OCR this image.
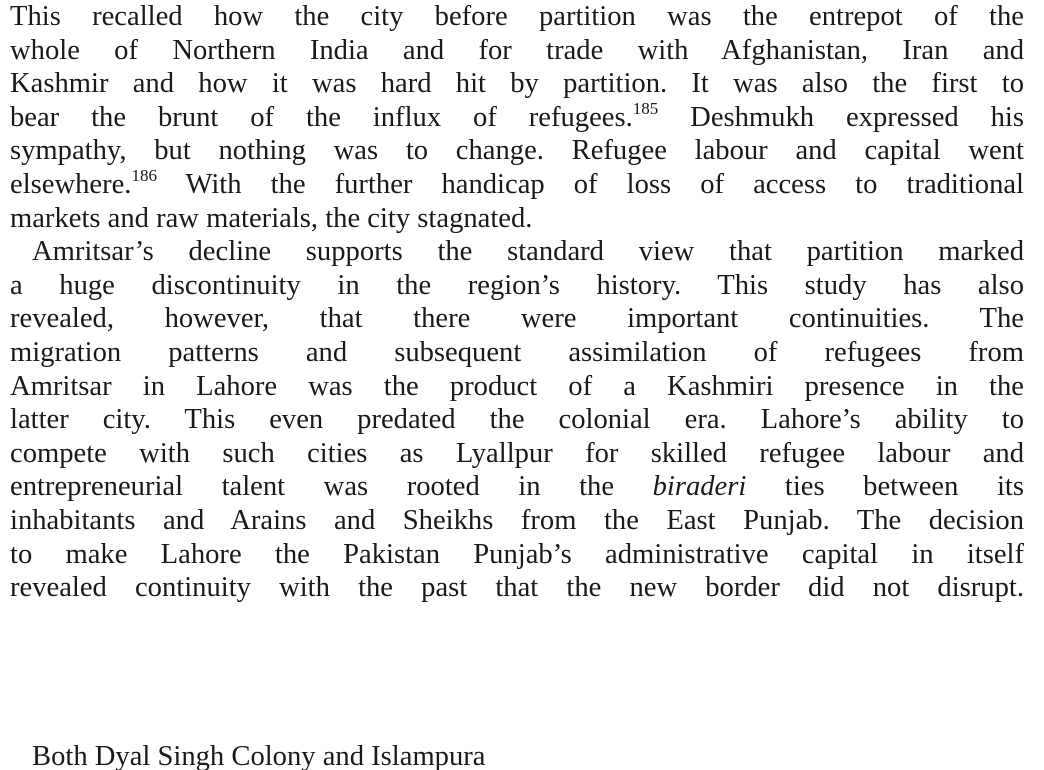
This recalled how the city before partition was the entrepot of the
whole of Northern India and for trade with Afghanistan, Iran and
Kashmir and how it was hard hit by partition. It was also the first to
bear the brunt of the influx of refugees.$^{185}$ Deshmukh expressed his
sympathy, but nothing was to change. Refugee labour and capital went
elsewhere.$^{186}$ With the further handicap of loss of access to traditional
markets and raw materials, the city stagnated.

Amritsar’s decline supports the standard view that partition marked
a huge discontinuity in the region’s history. This study has also
revealed, however, that there were important continuities. The
migration patterns and subsequent assimilation of refugees from
Amritsar in Lahore was the product of a Kashmiri presence in the
latter city. This even predated the colonial era. Lahore’s ability to
compete with such cities as Lyallpur for skilled refugee labour and
entrepreneurial talent was rooted in the biraderi ties between its
inhabitants and Arains and Sheikhs from the East Punjab. The decision
to make Lahore the Pakistan Punjab’s administrative capital in itself
revealed continuity with the past that the new border did not disrupt.

Both Dyal Singh Colony and Islampura
